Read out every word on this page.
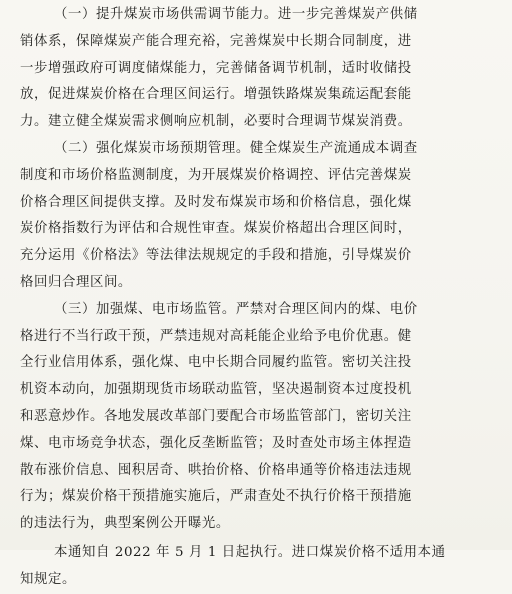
（一）提升煤炭市场供需调节能力。进一步完善煤炭产供储
销体系，保障煤炭产能合理充裕，完善煤炭中长期合同制度，进
一步增强政府可调度储煤能力，完善储备调节机制，适时收储投
放，促进煤炭价格在合理区间运行。增强铁路煤炭集疏运配套能
力。建立健全煤炭需求侧响应机制，必要时合理调节煤炭消费。
（二）强化煤炭市场预期管理。健全煤炭生产流通成本调查
制度和市场价格监测制度，为开展煤炭价格调控、评估完善煤炭
价格合理区间提供支撑。及时发布煤炭市场和价格信息，强化煤
炭价格指数行为评估和合规性审查。煤炭价格超出合理区间时，
充分运用《价格法》等法律法规规定的手段和措施，引导煤炭价
格回归合理区间。
（三）加强煤、电市场监管。严禁对合理区间内的煤、电价
格进行不当行政干预，严禁违规对高耗能企业给予电价优惠。健
全行业信用体系，强化煤、电中长期合同履约监管。密切关注投
机资本动向，加强期现货市场联动监管，坚决遏制资本过度投机
和恶意炒作。各地发展改革部门要配合市场监管部门，密切关注
煤、电市场竞争状态，强化反垄断监管；及时查处市场主体捏造
散布涨价信息、囤积居奇、哄抬价格、价格串通等价格违法违规
行为；煤炭价格干预措施实施后，严肃查处不执行价格干预措施
的违法行为，典型案例公开曝光。
本通知自 2022 年 5 月 1 日起执行。进口煤炭价格不适用本通
知规定。
